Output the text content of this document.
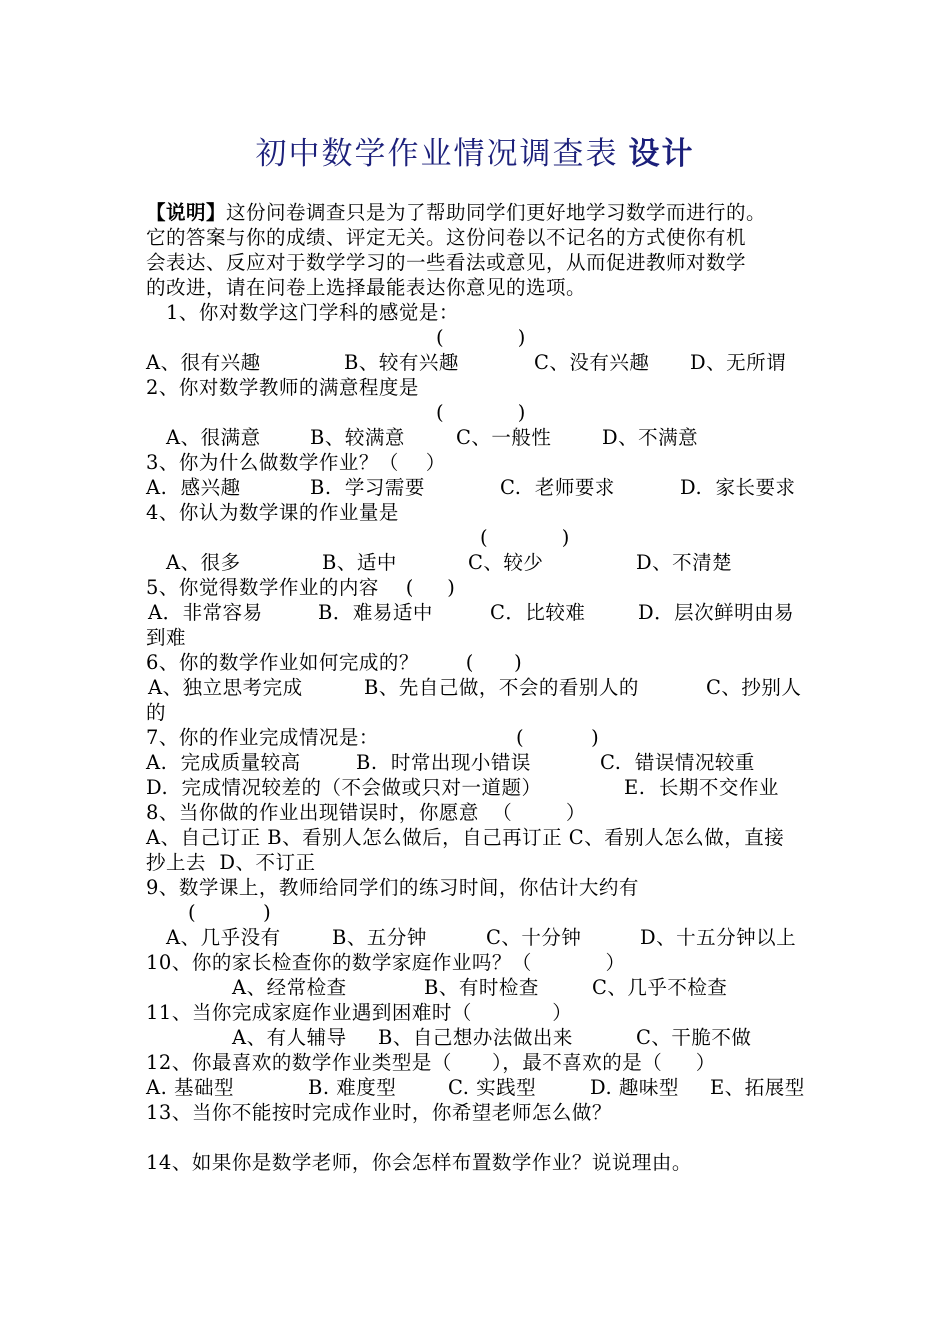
初中数学作业情况调查表 设计
【说明】这份问卷调查只是为了帮助同学们更好地学习数学而进行的。
它的答案与你的成绩、评定无关。这份问卷以不记名的方式使你有机
会表达、反应对于数学学习的一些看法或意见，从而促进教师对数学
的改进，请在问卷上选择最能表达你意见的选项。
1、你对数学这门学科的感觉是：
(           )
A、很有兴趣	B、较有兴趣	C、没有兴趣 D、无所谓
2、你对数学教师的满意程度是
(           )
A、很满意	B、较满意	C、一般性	D、不满意
3、你为什么做数学作业？（    ）
A.  感兴趣	B.  学习需要	C.  老师要求	D.  家长要求
4、你认为数学课的作业量是
(           )
A、很多	B、适中	C、较少	D、不清楚
5、你觉得数学作业的内容    (     )
A．非常容易	B．难易适中	C．比较难	D．层次鲜明由易
到难
6、你的数学作业如何完成的？       (      )
A、独立思考完成	B、先自己做，不会的看别人的	C、抄别人
的
7、你的作业完成情况是：	(          )
A.  完成质量较高	B.  时常出现小错误	C.  错误情况较重
D.  完成情况较差的（不会做或只对一道题）	E.  长期不交作业
8、当你做的作业出现错误时，你愿意  （        ）
A、自己订正 B、看别人怎么做后，自己再订正 C、看别人怎么做，直接
抄上去  D、不订正
9、数学课上，教师给同学们的练习时间，你估计大约有
(          )
A、几乎没有	B、五分钟	C、十分钟	D、十五分钟以上
10、你的家长检查你的数学家庭作业吗？（           ）
A、经常检查	B、有时检查	C、几乎不检查
11、当你完成家庭作业遇到困难时（            ）
A、有人辅导 B、自己想办法做出来	C、干脆不做
12、你最喜欢的数学作业类型是（      ），最不喜欢的是（     ）
A. 基础型	B. 难度型	C. 实践型	D. 趣味型 E、拓展型
13、当你不能按时完成作业时，你希望老师怎么做？
14、如果你是数学老师，你会怎样布置数学作业？说说理由。
